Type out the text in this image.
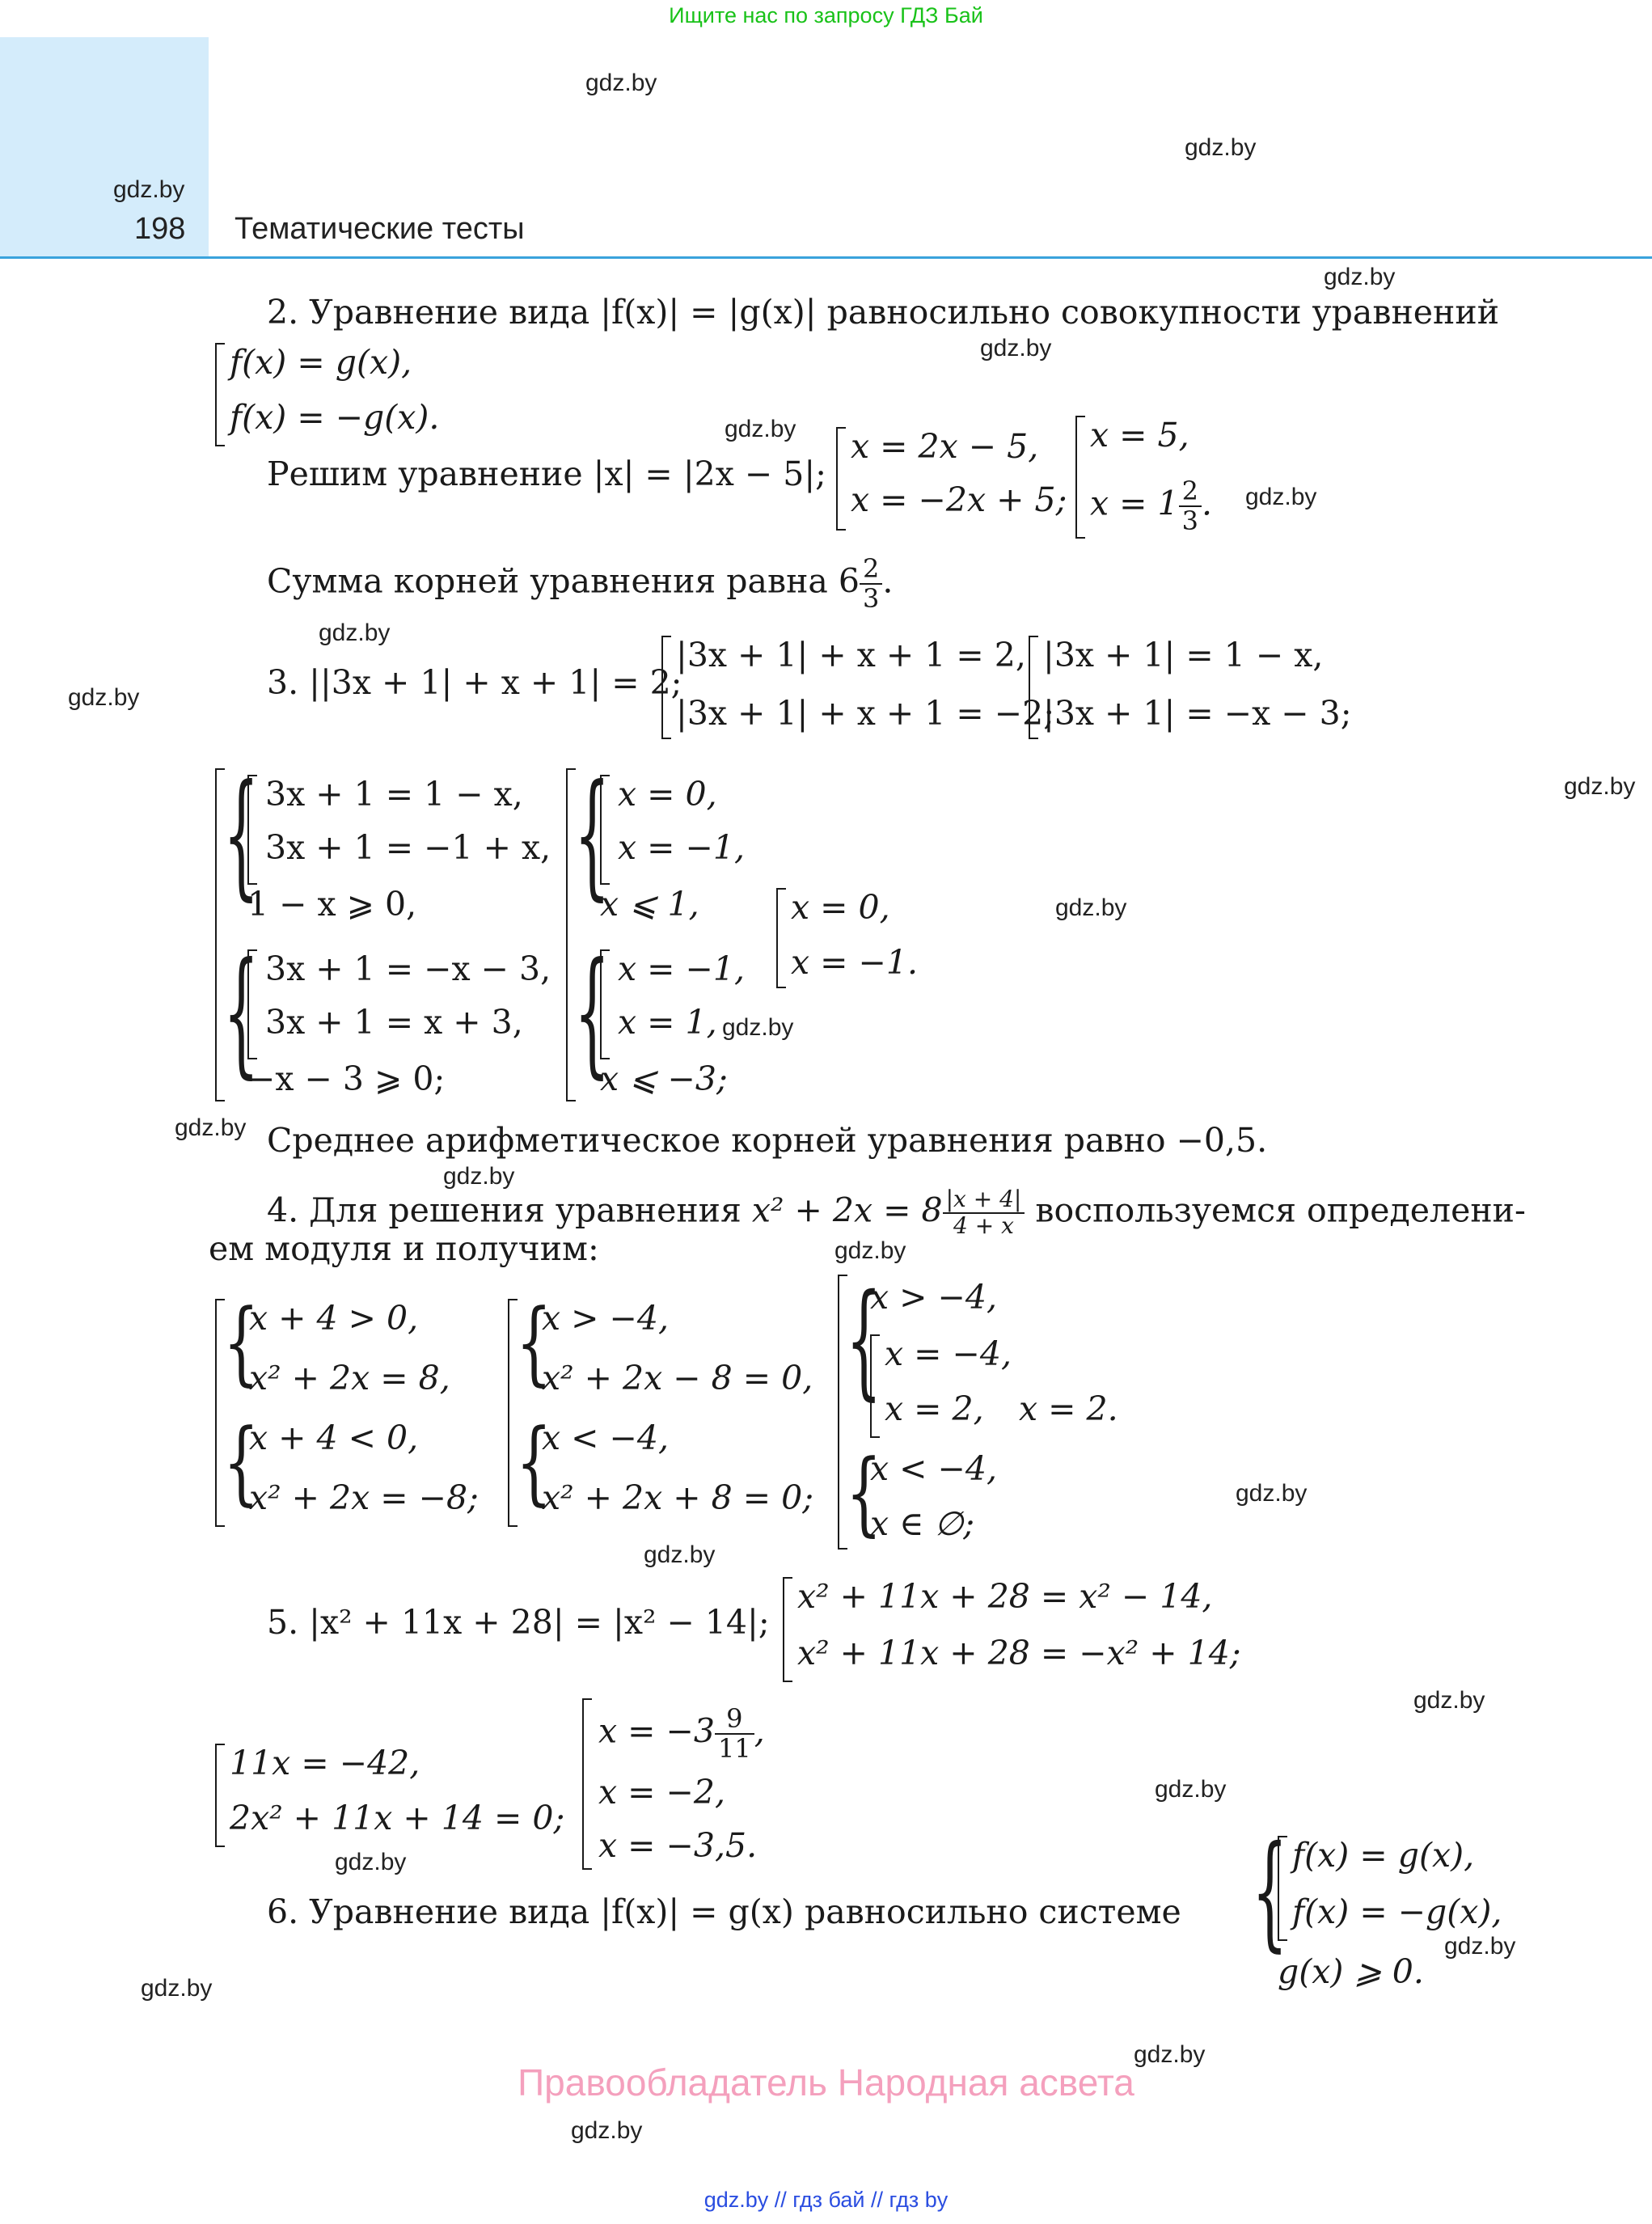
Ищите нас по запросу ГДЗ Бай
198 Тематические тесты
gdz.by
gdz.by
gdz.by
gdz.by
gdz.by
gdz.by
gdz.by
gdz.by
gdz.by
gdz.by
gdz.by
gdz.by
gdz.by
gdz.by
gdz.by
gdz.by
gdz.by
gdz.by
gdz.by
gdz.by
gdz.by
gdz.by
gdz.by
gdz.by
2. Уравнение вида |f(x)| = |g(x)| равносильно совокупности уравнений
f(x) = g(x),
f(x) = −g(x).
Решим уравнение |x| = |2x − 5|;
x = 2x − 5,
x = −2x + 5;
x = 5,
$x = 1 \frac{2}{3}$ .
Сумма корней уравнения равна $6 \frac{2}{3}$ .
3. ||3x + 1| + x + 1| = 2;
|3x + 1| + x + 1 = 2,
|3x + 1| + x + 1 = −2;
|3x + 1| = 1 − x,
|3x + 1| = −x − 3;
{ 3x + 1 = 1 − x,
3x + 1 = −1 + x,
1 − x ⩾ 0,
{ 3x + 1 = −x − 3,
3x + 1 = x + 3,
−x − 3 ⩾ 0;
{ x = 0,
x = −1,
x ⩽ 1,
{ x = −1,
x = 1,
x ⩽ −3;
x = 0,
x = −1.
Среднее арифметическое корней уравнения равно −0,5.
4. Для решения уравнения $x^2 + 2x = 8 \frac{|x + 4|}{4 + x}$ воспользуемся определени-
ем модуля и получим:
{
x + 4 > 0,
x² + 2x = 8,
{
x + 4 < 0,
x² + 2x = −8;
{
x > −4,
x² + 2x − 8 = 0,
{
x < −4,
x² + 2x + 8 = 0;
{
x > −4,
x = −4,
x = 2, x = 2.
{
x < −4,
x ∈ ∅;
5. |x² + 11x + 28| = |x² − 14|;
x² + 11x + 28 = x² − 14,
x² + 11x + 28 = −x² + 14;
11x = −42,
2x² + 11x + 14 = 0;
$x = -3 \frac{9}{11}$ ,
x = −2,
x = −3,5.
6. Уравнение вида |f(x)| = g(x) равносильно системе { f(x) = g(x),
f(x) = −g(x),
g(x) ⩾ 0.
Правообладатель Народная асвета
gdz.by // гдз бай // гдз by
